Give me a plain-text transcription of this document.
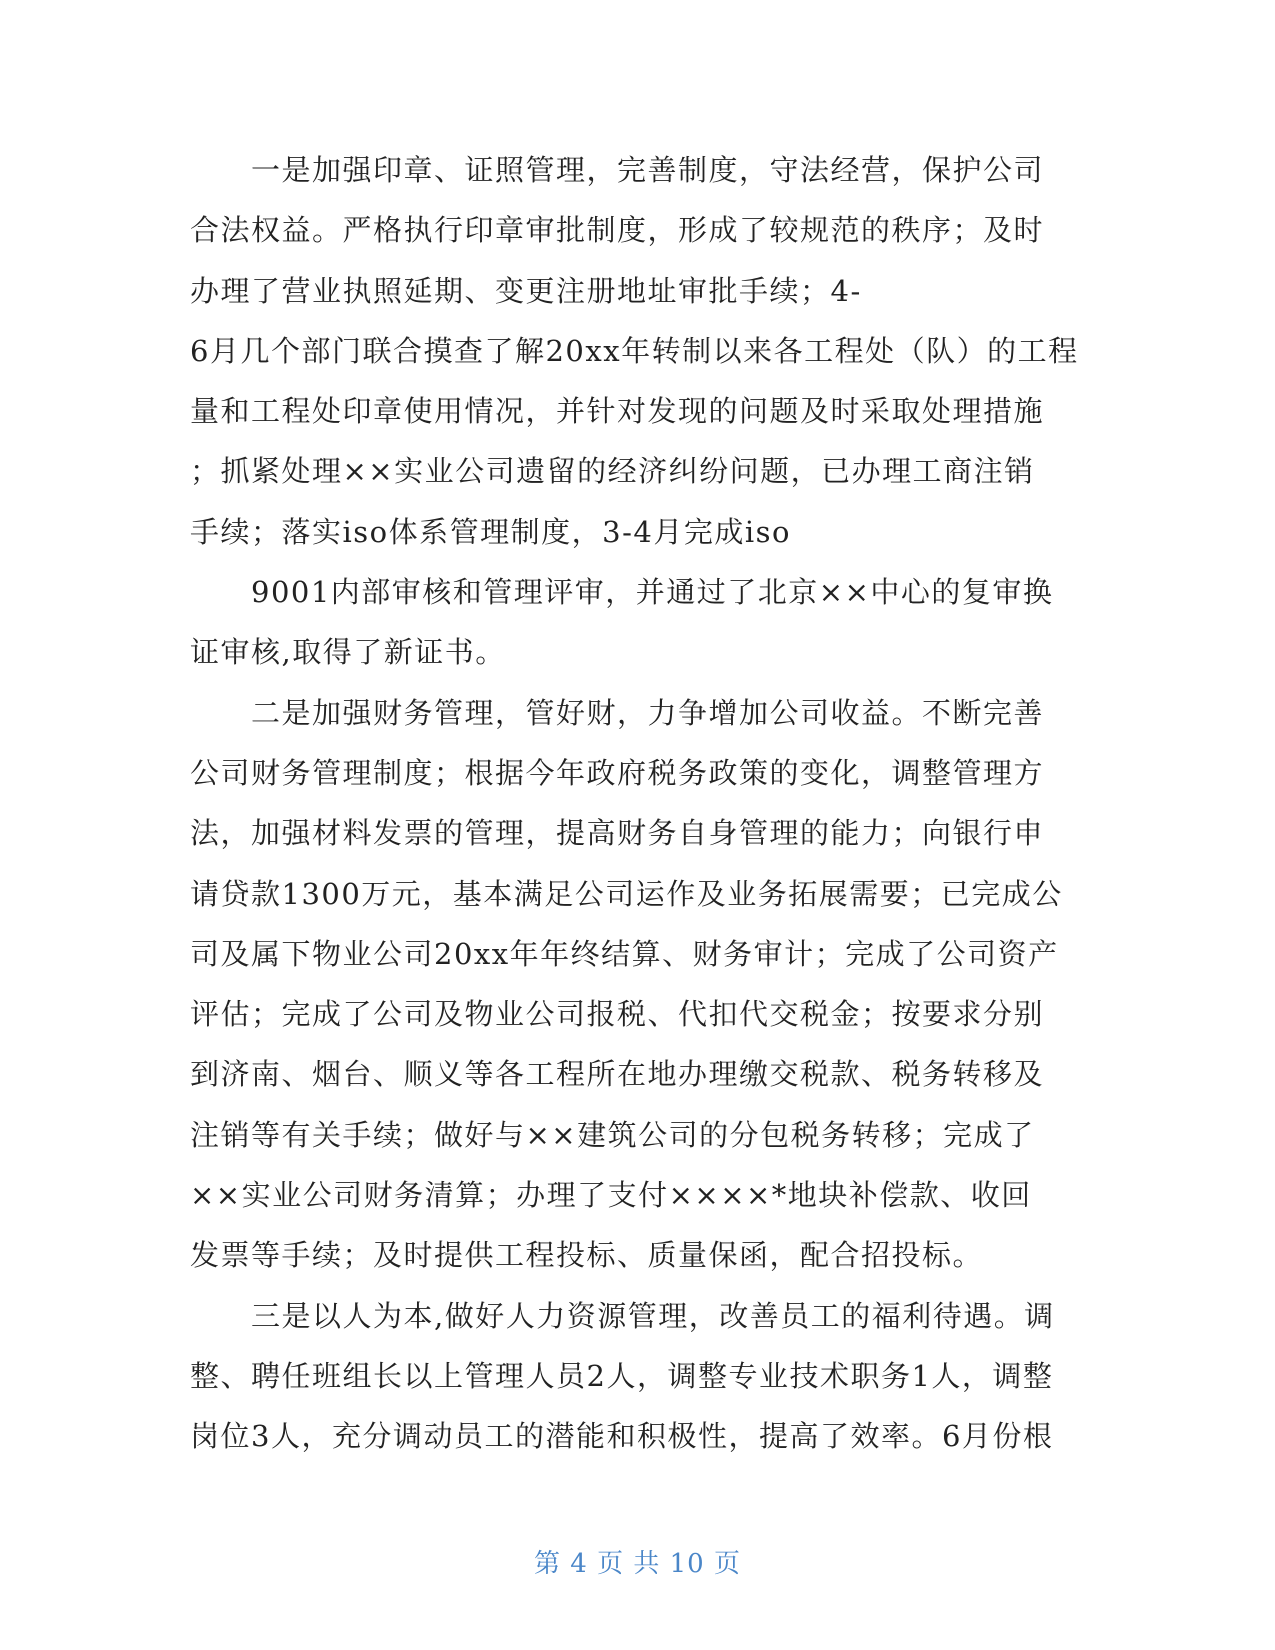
　　一是加强印章、证照管理，完善制度，守法经营，保护公司
合法权益。严格执行印章审批制度，形成了较规范的秩序；及时
办理了营业执照延期、变更注册地址审批手续；4-
6月几个部门联合摸查了解20xx年转制以来各工程处（队）的工程
量和工程处印章使用情况，并针对发现的问题及时采取处理措施
；抓紧处理××实业公司遗留的经济纠纷问题，已办理工商注销
手续；落实iso体系管理制度，3-4月完成iso
　　9001内部审核和管理评审，并通过了北京××中心的复审换
证审核,取得了新证书。
　　二是加强财务管理，管好财，力争增加公司收益。不断完善
公司财务管理制度；根据今年政府税务政策的变化，调整管理方
法，加强材料发票的管理，提高财务自身管理的能力；向银行申
请贷款1300万元，基本满足公司运作及业务拓展需要；已完成公
司及属下物业公司20xx年年终结算、财务审计；完成了公司资产
评估；完成了公司及物业公司报税、代扣代交税金；按要求分别
到济南、烟台、顺义等各工程所在地办理缴交税款、税务转移及
注销等有关手续；做好与××建筑公司的分包税务转移；完成了
××实业公司财务清算；办理了支付××××*地块补偿款、收回
发票等手续；及时提供工程投标、质量保函，配合招投标。
　　三是以人为本,做好人力资源管理，改善员工的福利待遇。调
整、聘任班组长以上管理人员2人，调整专业技术职务1人，调整
岗位3人，充分调动员工的潜能和积极性，提高了效率。6月份根
第 4 页 共 10 页
